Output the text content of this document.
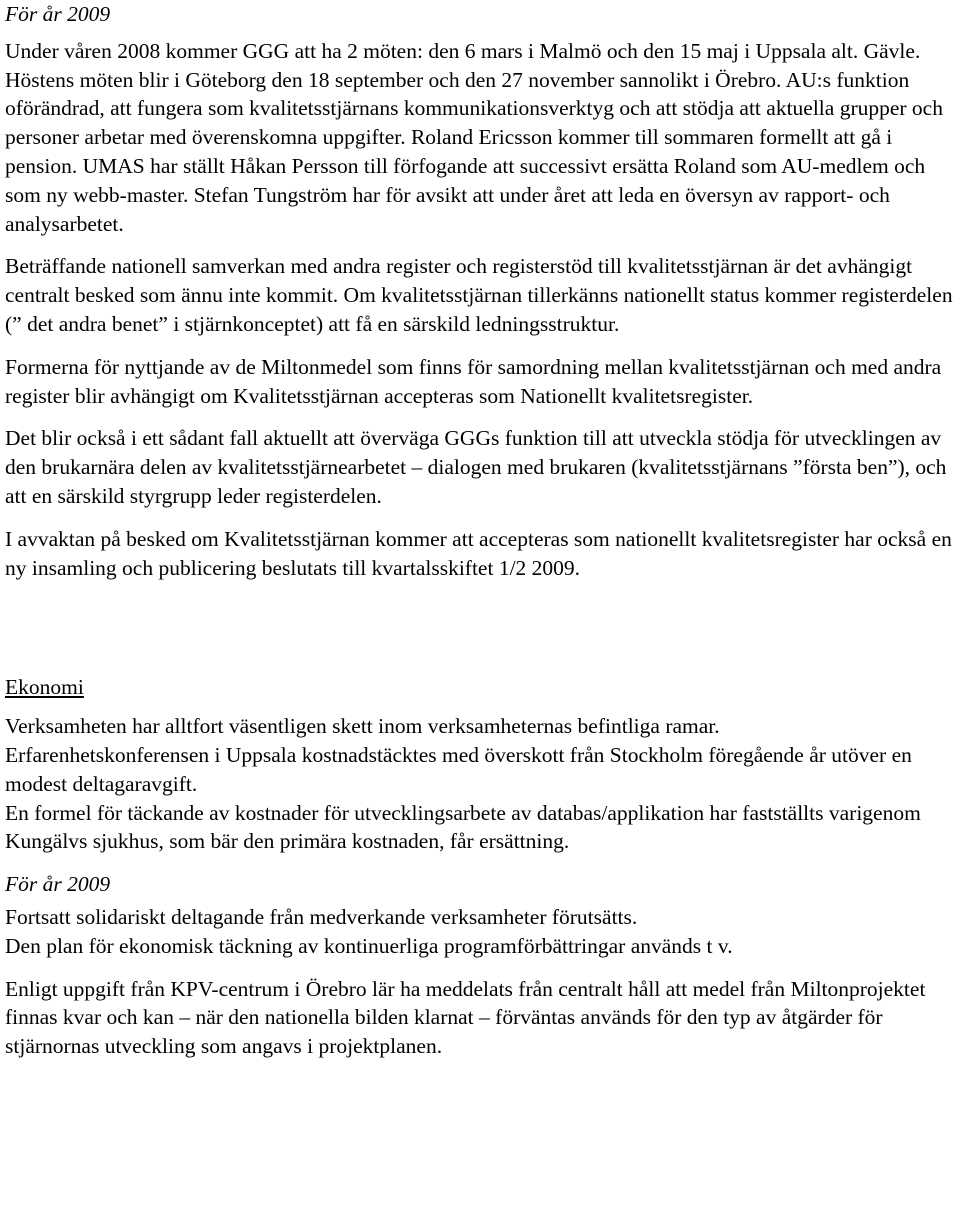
För år 2009

Under våren 2008 kommer GGG att ha 2 möten: den 6 mars i Malmö och den 15 maj i Uppsala alt. Gävle. Höstens möten blir i Göteborg den 18 september och den 27 november sannolikt i Örebro. AU:s funktion oförändrad, att fungera som kvalitetsstjärnans kommunikationsverktyg och att stödja att aktuella grupper och personer arbetar med överenskomna uppgifter. Roland Ericsson kommer till sommaren formellt att gå i pension. UMAS har ställt Håkan Persson till förfogande att successivt ersätta Roland som AU-medlem och som ny webb-master. Stefan Tungström har för avsikt att under året att leda en översyn av rapport- och analysarbetet.

Beträffande nationell samverkan med andra register och registerstöd till kvalitetsstjärnan är det avhängigt centralt besked som ännu inte kommit. Om kvalitetsstjärnan tillerkänns nationellt status kommer registerdelen (” det andra benet” i stjärnkonceptet) att få en särskild ledningsstruktur.

Formerna för nyttjande av de Miltonmedel som finns för samordning mellan kvalitetsstjärnan och med andra register blir avhängigt om Kvalitetsstjärnan accepteras som Nationellt kvalitetsregister.

Det blir också i ett sådant fall aktuellt att överväga GGGs funktion till att utveckla stödja för utvecklingen av den brukarnära delen av kvalitetsstjärnearbetet – dialogen med brukaren (kvalitetsstjärnans ”första ben”), och att en särskild styrgrupp leder registerdelen.

I avvaktan på besked om Kvalitetsstjärnan kommer att accepteras som nationellt kvalitetsregister har också en ny insamling och publicering beslutats till kvartalsskiftet 1/2 2009.

Ekonomi

Verksamheten har alltfort väsentligen skett inom verksamheternas befintliga ramar.

Erfarenhetskonferensen i Uppsala kostnadstäcktes med överskott från Stockholm föregående år utöver en modest deltagaravgift.

En formel för täckande av kostnader för utvecklingsarbete av databas/applikation har fastställts varigenom Kungälvs sjukhus, som bär den primära kostnaden, får ersättning.

För år 2009

Fortsatt solidariskt deltagande från medverkande verksamheter förutsätts.

Den plan för ekonomisk täckning av kontinuerliga programförbättringar används t v.

Enligt uppgift från KPV-centrum i Örebro lär ha meddelats från centralt håll att medel från Miltonprojektet finnas kvar och kan – när den nationella bilden klarnat – förväntas används för den typ av åtgärder för stjärnornas utveckling som angavs i projektplanen.
